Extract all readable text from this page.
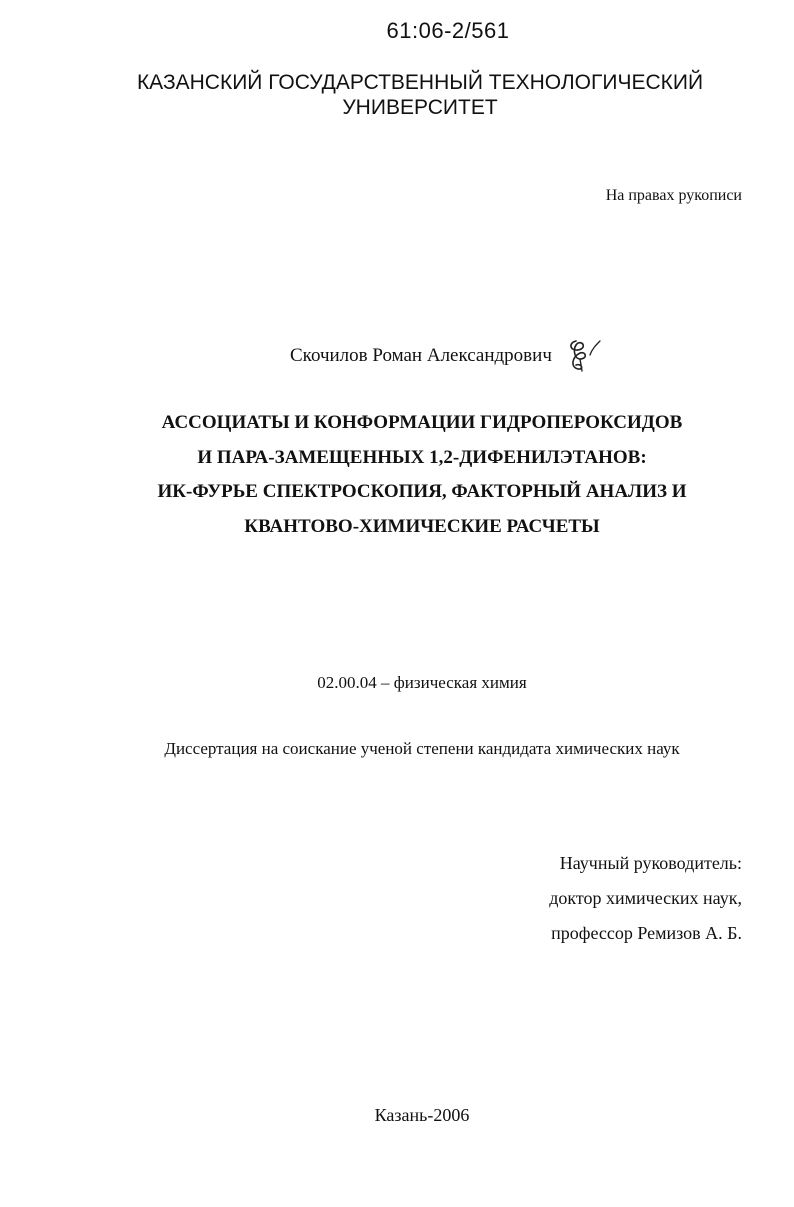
61:06-2/561
КАЗАНСКИЙ ГОСУДАРСТВЕННЫЙ ТЕХНОЛОГИЧЕСКИЙ
УНИВЕРСИТЕТ
На правах рукописи
Скочилов Роман Александрович
АССОЦИАТЫ И КОНФОРМАЦИИ ГИДРОПЕРОКСИДОВ
И ПАРА-ЗАМЕЩЕННЫХ 1,2-ДИФЕНИЛЭТАНОВ:
ИК-ФУРЬЕ СПЕКТРОСКОПИЯ, ФАКТОРНЫЙ АНАЛИЗ И
КВАНТОВО-ХИМИЧЕСКИЕ РАСЧЕТЫ
02.00.04 – физическая химия
Диссертация на соискание ученой степени кандидата химических наук
Научный руководитель:
доктор химических наук,
профессор Ремизов А. Б.
Казань-2006
